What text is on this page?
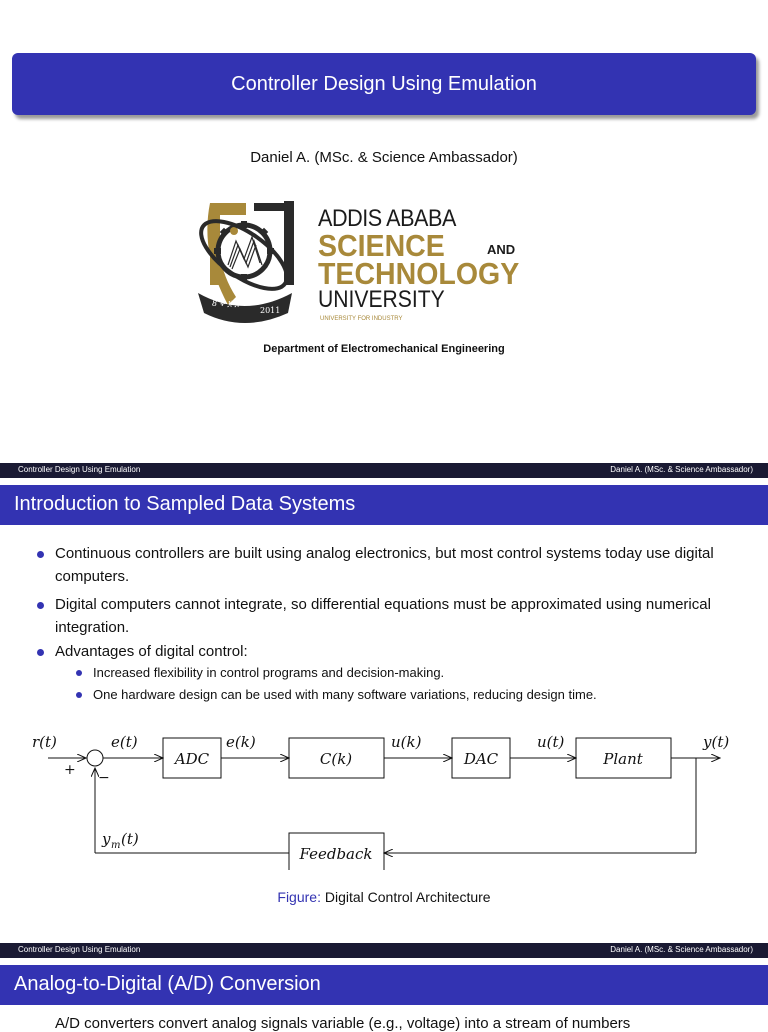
Controller Design Using Emulation
Daniel A. (MSc. & Science Ambassador)
8 ቀ ፪ ፫
2011
ADDIS ABABA
SCIENCE	AND
TECHNOLOGY
UNIVERSITY
UNIVERSITY FOR INDUSTRY
Department of Electromechanical Engineering
Controller Design Using Emulation	Daniel A. (MSc. & Science Ambassador)
Introduction to Sampled Data Systems
Continuous controllers are built using analog electronics, but most control systems today use digital computers.
Digital computers cannot integrate, so differential equations must be approximated using numerical integration.
Advantages of digital control:
Increased flexibility in control programs and decision-making.
One hardware design can be used with many software variations, reducing design time.
r(t)
+ −
e(t)	e(k)	u(k)	u(t)	y(t)
y m (t)
ADC	C(k)	DAC	Plant
Feedback
Figure: Digital Control Architecture
Controller Design Using Emulation	Daniel A. (MSc. & Science Ambassador)
Analog-to-Digital (A/D) Conversion
A/D converters convert analog signals variable (e.g., voltage) into a stream of numbers
